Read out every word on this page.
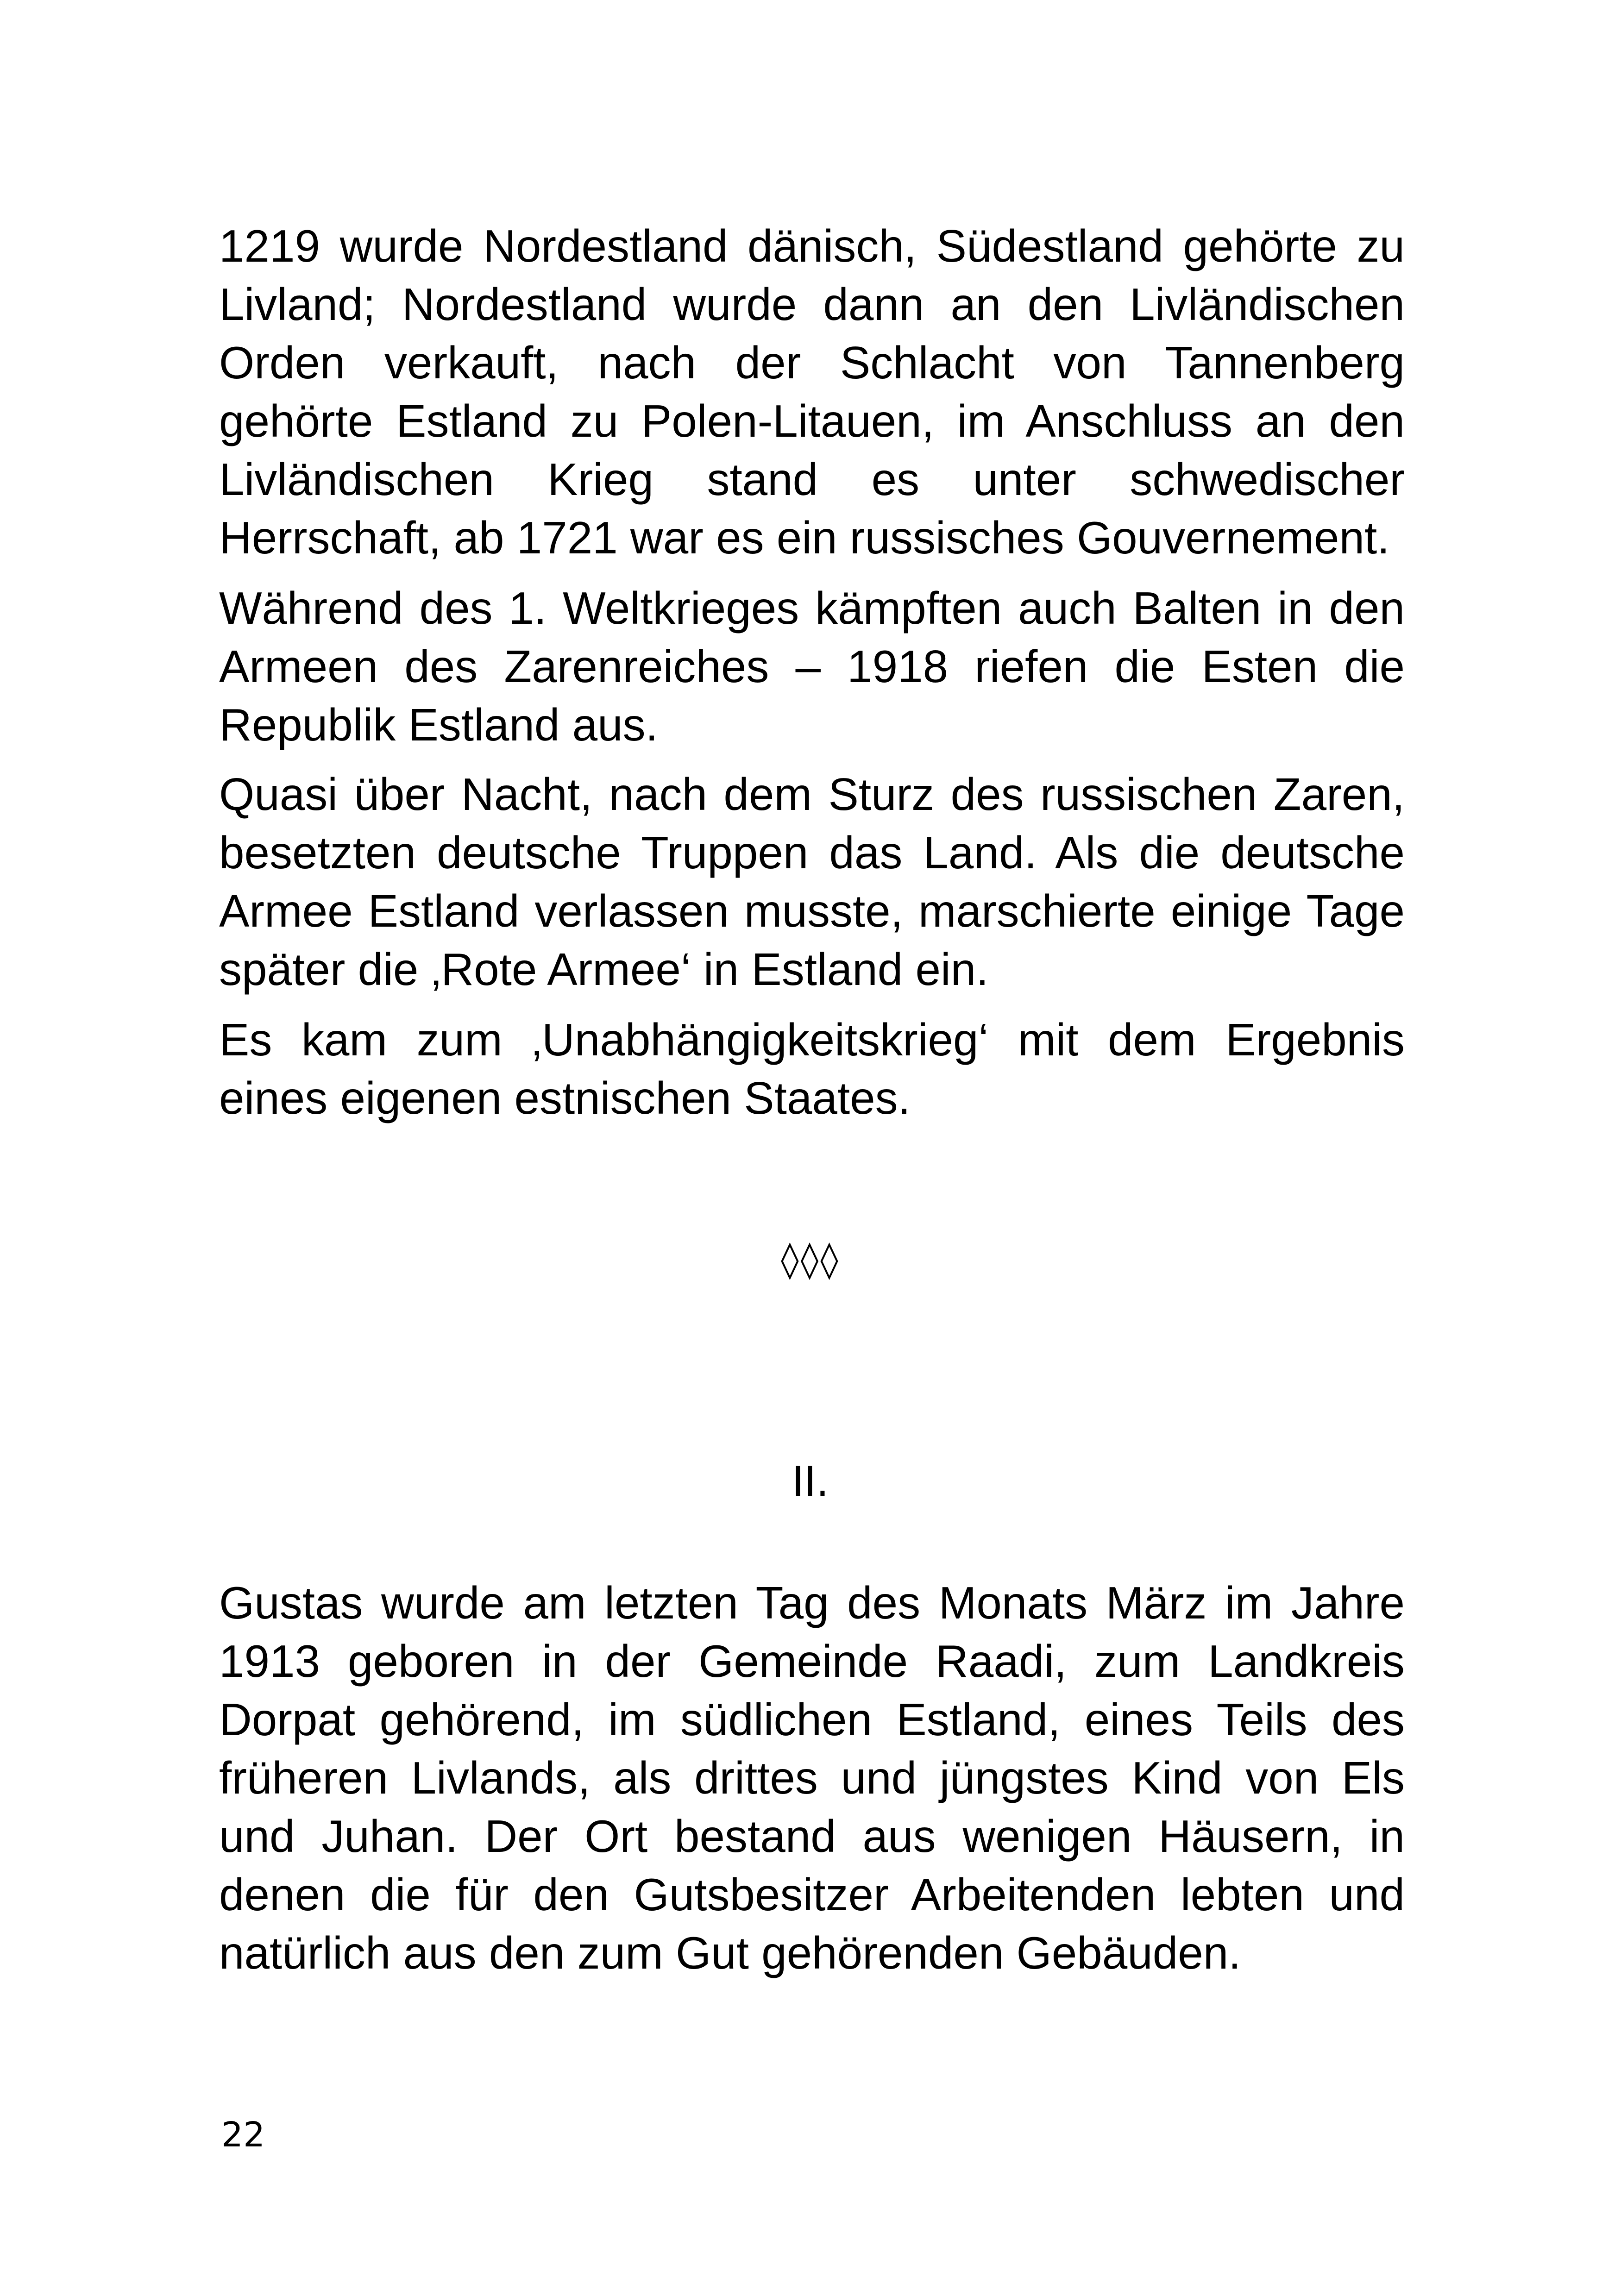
1219 wurde Nordestland dänisch, Südestland gehörte zu Livland; Nordestland wurde dann an den Livländischen Orden verkauft, nach der Schlacht von Tannenberg gehörte Estland zu Polen-Litauen, im Anschluss an den Livländischen Krieg stand es unter schwedischer Herrschaft, ab 1721 war es ein russisches Gouvernement.

Während des 1. Weltkrieges kämpften auch Balten in den Armeen des Zarenreiches – 1918 riefen die Esten die Republik Estland aus.

Quasi über Nacht, nach dem Sturz des russischen Zaren, besetzten deutsche Truppen das Land. Als die deutsche Armee Estland verlassen musste, marschierte einige Tage später die ‚Rote Armee‘ in Estland ein.

Es kam zum ‚Unabhängigkeitskrieg‘ mit dem Ergebnis eines eigenen estnischen Staates.

◊◊◊
II.

Gustas wurde am letzten Tag des Monats März im Jahre 1913 geboren in der Gemeinde Raadi, zum Landkreis Dorpat gehörend, im südlichen Estland, eines Teils des früheren Livlands, als drittes und jüngstes Kind von Els und Juhan. Der Ort bestand aus wenigen Häusern, in denen die für den Gutsbesitzer Arbeitenden lebten und natürlich aus den zum Gut gehörenden Gebäuden.

22
